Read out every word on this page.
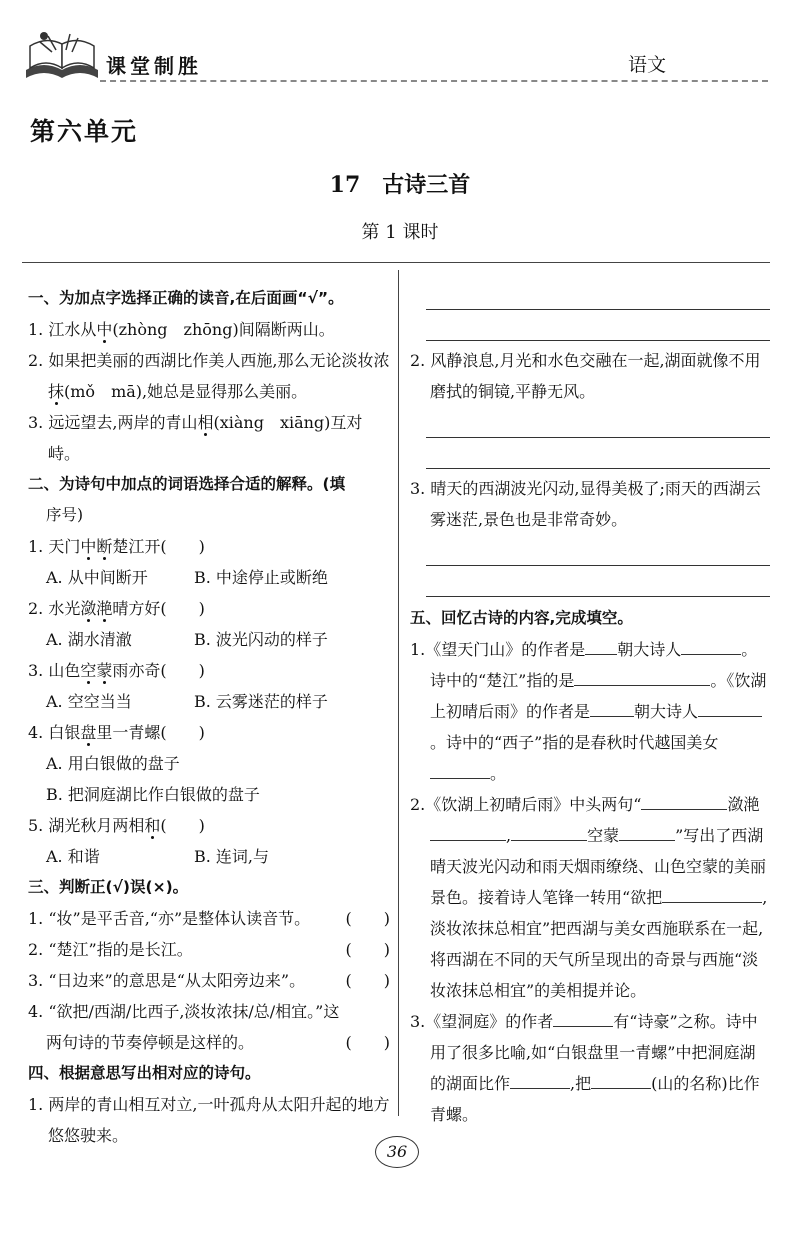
课堂制胜	语文
第六单元
17 古诗三首
第 1 课时

一、为加点字选择正确的读音,在后面画“√”。

1. 江水从中(zhòng　zhōng)间隔断两山。

2. 如果把美丽的西湖比作美人西施,那么无论淡妆浓抹(mǒ　mā),她总是显得那么美丽。

3. 远远望去,两岸的青山相(xiàng　xiāng)互对峙。

二、为诗句中加点的词语选择合适的解释。(填

序号)

1. 天门中断楚江开(　　)

A. 从中间断开	B. 中途停止或断绝

2. 水光潋滟晴方好(　　)

A. 湖水清澈	B. 波光闪动的样子

3. 山色空蒙雨亦奇(　　)

A. 空空当当	B. 云雾迷茫的样子

4. 白银盘里一青螺(　　)

A. 用白银做的盘子

B. 把洞庭湖比作白银做的盘子

5. 湖光秋月两相和(　　)

A. 和谐	B. 连词,与

三、判断正(√)误(×)。

1. “妆”是平舌音,“亦”是整体认读音节。 (　　)

2. “楚江”指的是长江。	(　　)

3. “日边来”的意思是“从太阳旁边来”。	(　　)

4. “欲把/西湖/比西子,淡妆浓抹/总/相宜。”这

两句诗的节奏停顿是这样的。	(　　)

四、根据意思写出相对应的诗句。

1. 两岸的青山相互对立,一叶孤舟从太阳升起的地方悠悠驶来。

2. 风静浪息,月光和水色交融在一起,湖面就像不用磨拭的铜镜,平静无风。

3. 晴天的西湖波光闪动,显得美极了;雨天的西湖云雾迷茫,景色也是非常奇妙。

五、回忆古诗的内容,完成填空。

1.《望天门山》的作者是 朝大诗人	。诗中的“楚江”指的是	。《饮湖上初晴后雨》的作者是	朝大诗人。诗中的“西子”指的是春秋时代越国美女。

2.《饮湖上初晴后雨》中头两句“	潋滟,	空蒙	”写出了西湖晴天波光闪动和雨天烟雨缭绕、山色空蒙的美丽景色。接着诗人笔锋一转用“欲把	,淡妆浓抹总相宜”把西湖与美女西施联系在一起,将西湖在不同的天气所呈现出的奇景与西施“淡妆浓抹总相宜”的美相提并论。

3.《望洞庭》的作者	有“诗豪”之称。诗中用了很多比喻,如“白银盘里一青螺”中把洞庭湖的湖面比作	,把	(山的名称)比作青螺。

36
